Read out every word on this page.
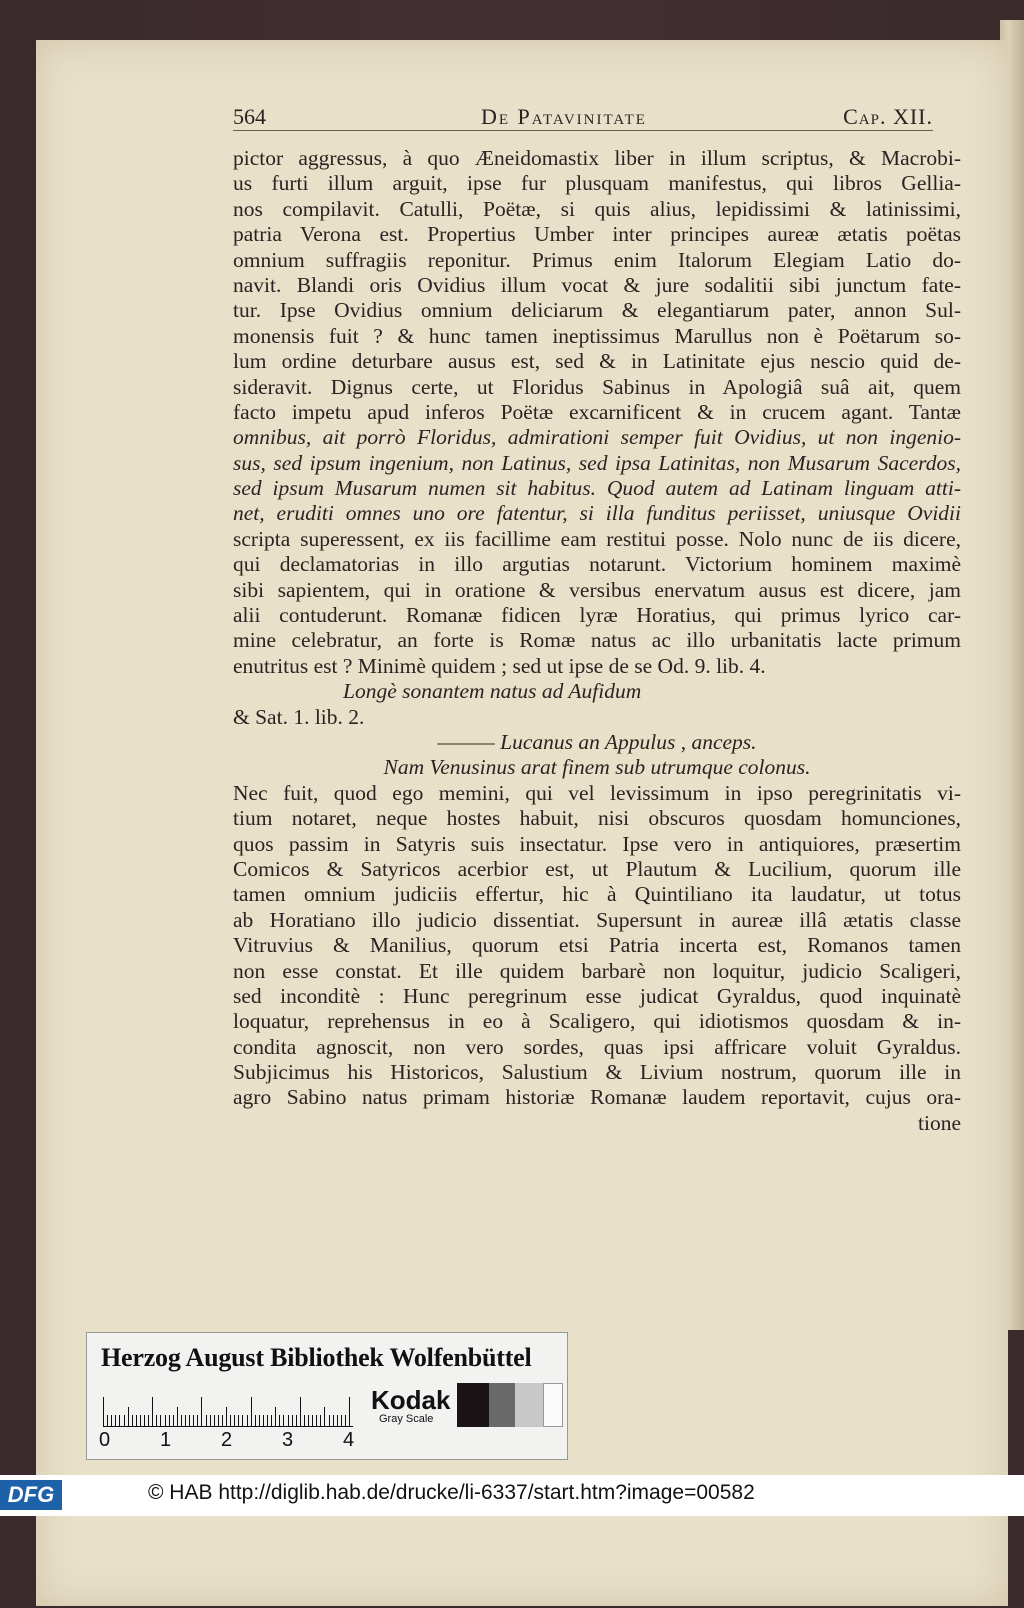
564	De Patavinitate	Cap. XII.
pictor aggressus, à quo Æneidomastix liber in illum scriptus, & Macrobi-
us furti illum arguit, ipse fur plusquam manifestus, qui libros Gellia-
nos compilavit. Catulli, Poëtæ, si quis alius, lepidissimi & latinissimi,
patria Verona est. Propertius Umber inter principes aureæ ætatis poëtas
omnium suffragiis reponitur. Primus enim Italorum Elegiam Latio do-
navit. Blandi oris Ovidius illum vocat & jure sodalitii sibi junctum fate-
tur. Ipse Ovidius omnium deliciarum & elegantiarum pater, annon Sul-
monensis fuit ? & hunc tamen ineptissimus Marullus non è Poëtarum so-
lum ordine deturbare ausus est, sed & in Latinitate ejus nescio quid de-
sideravit. Dignus certe, ut Floridus Sabinus in Apologiâ suâ ait, quem
facto impetu apud inferos Poëtæ excarnificent & in crucem agant. Tantæ
omnibus, ait porrò Floridus, admirationi semper fuit Ovidius, ut non ingenio-
sus, sed ipsum ingenium, non Latinus, sed ipsa Latinitas, non Musarum Sacerdos,
sed ipsum Musarum numen sit habitus. Quod autem ad Latinam linguam atti-
net, eruditi omnes uno ore fatentur, si illa funditus periisset, uniusque Ovidii
scripta superessent, ex iis facillime eam restitui posse. Nolo nunc de iis dicere,
qui declamatorias in illo argutias notarunt. Victorium hominem maximè
sibi sapientem, qui in oratione & versibus enervatum ausus est dicere, jam
alii contuderunt. Romanæ fidicen lyræ Horatius, qui primus lyrico car-
mine celebratur, an forte is Romæ natus ac illo urbanitatis lacte primum
enutritus est ? Minimè quidem ; sed ut ipse de se Od. 9. lib. 4.
Longè sonantem natus ad Aufidum
& Sat. 1. lib. 2.
——— Lucanus an Appulus , anceps.
Nam Venusinus arat finem sub utrumque colonus.
Nec fuit, quod ego memini, qui vel levissimum in ipso peregrinitatis vi-
tium notaret, neque hostes habuit, nisi obscuros quosdam homunciones,
quos passim in Satyris suis insectatur. Ipse vero in antiquiores, præsertim
Comicos & Satyricos acerbior est, ut Plautum & Lucilium, quorum ille
tamen omnium judiciis effertur, hic à Quintiliano ita laudatur, ut totus
ab Horatiano illo judicio dissentiat. Supersunt in aureæ illâ ætatis classe
Vitruvius & Manilius, quorum etsi Patria incerta est, Romanos tamen
non esse constat. Et ille quidem barbarè non loquitur, judicio Scaligeri,
sed inconditè : Hunc peregrinum esse judicat Gyraldus, quod inquinatè
loquatur, reprehensus in eo à Scaligero, qui idiotismos quosdam & in-
condita agnoscit, non vero sordes, quas ipsi affricare voluit Gyraldus.
Subjicimus his Historicos, Salustium & Livium nostrum, quorum ille in
agro Sabino natus primam historiæ Romanæ laudem reportavit, cujus ora-
tione
Herzog August Bibliothek Wolfenbüttel
0 1 2 3 4
Kodak
Gray Scale
DFG	© HAB http://diglib.hab.de/drucke/li-6337/start.htm?image=00582
